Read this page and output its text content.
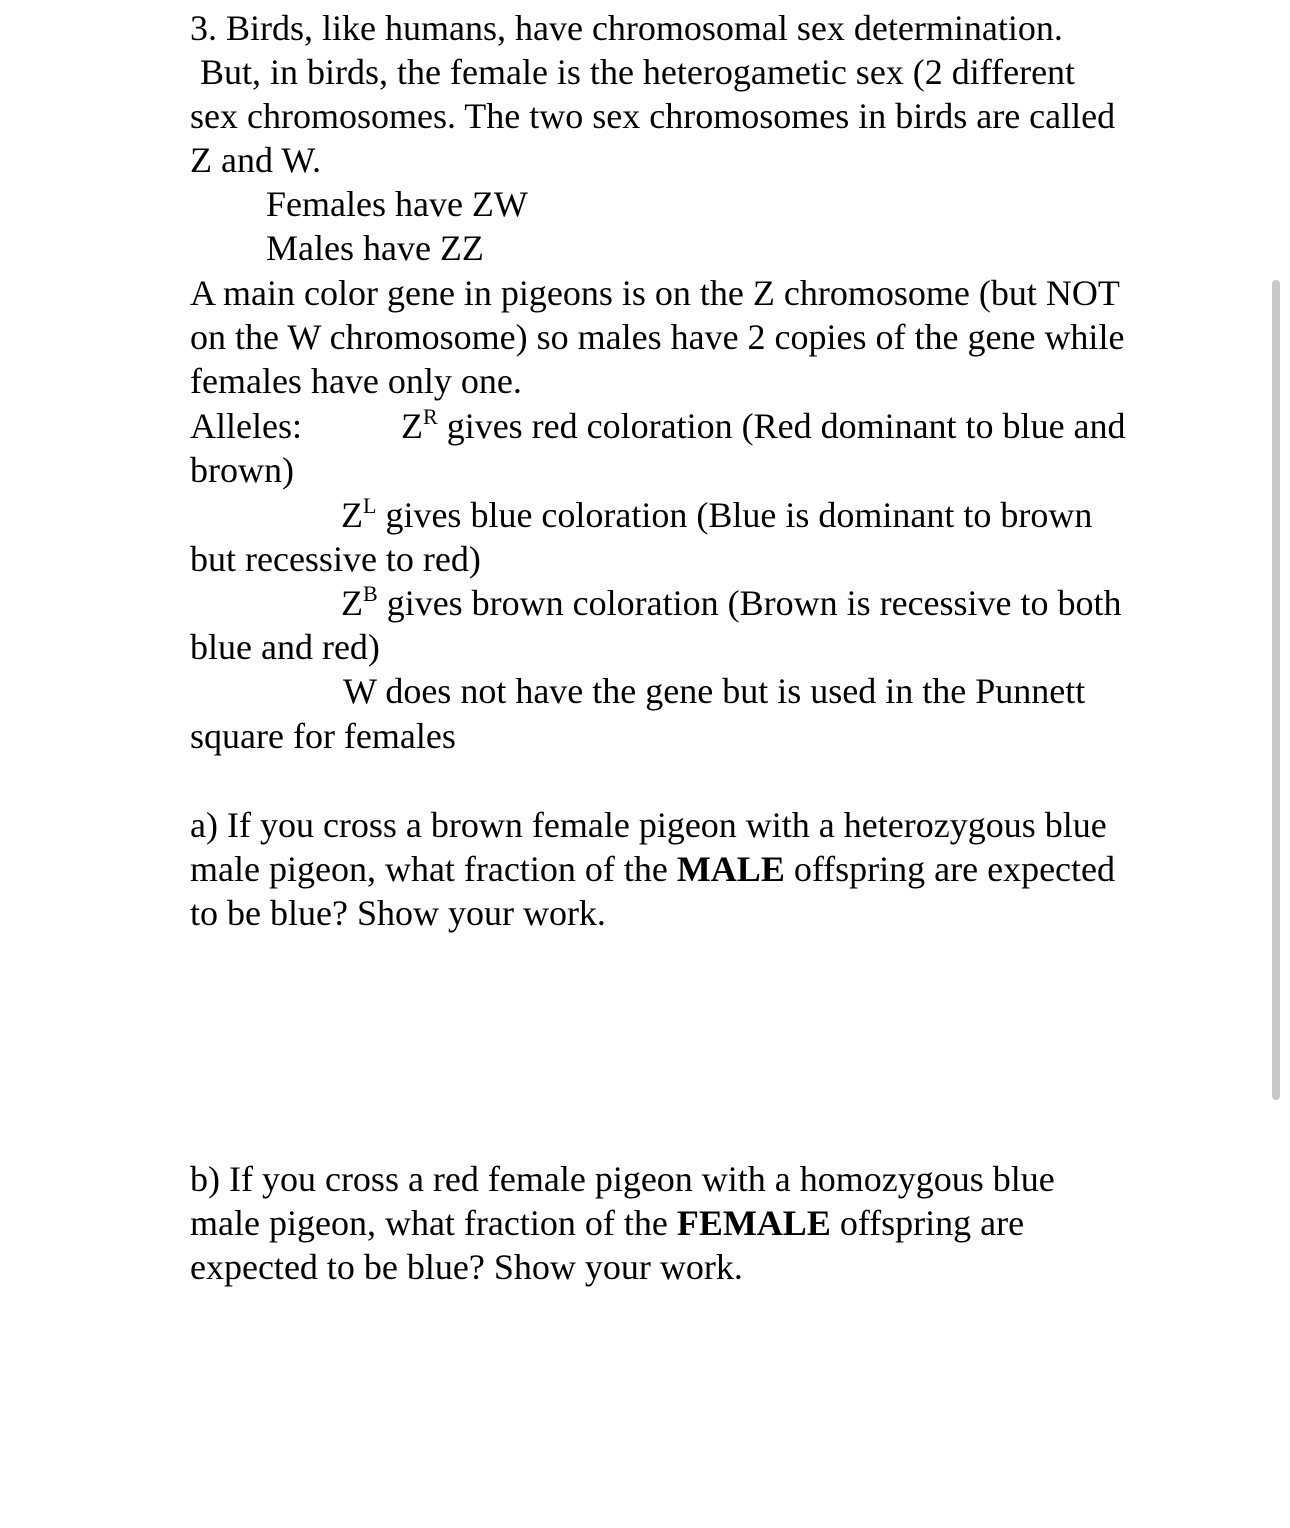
3. Birds, like humans, have chromosomal sex determination.
But, in birds, the female is the heterogametic sex (2 different
sex chromosomes. The two sex chromosomes in birds are called
Z and W.
Females have ZW
Males have ZZ
A main color gene in pigeons is on the Z chromosome (but NOT
on the W chromosome) so males have 2 copies of the gene while
females have only one.
Alleles:	$Z^R$ gives red coloration (Red dominant to blue and
brown)
$Z^L$ gives blue coloration (Blue is dominant to brown
but recessive to red)
$Z^B$ gives brown coloration (Brown is recessive to both
blue and red)
W does not have the gene but is used in the Punnett
square for females
a) If you cross a brown female pigeon with a heterozygous blue
male pigeon, what fraction of the MALE offspring are expected
to be blue? Show your work.
b) If you cross a red female pigeon with a homozygous blue
male pigeon, what fraction of the FEMALE offspring are
expected to be blue? Show your work.
